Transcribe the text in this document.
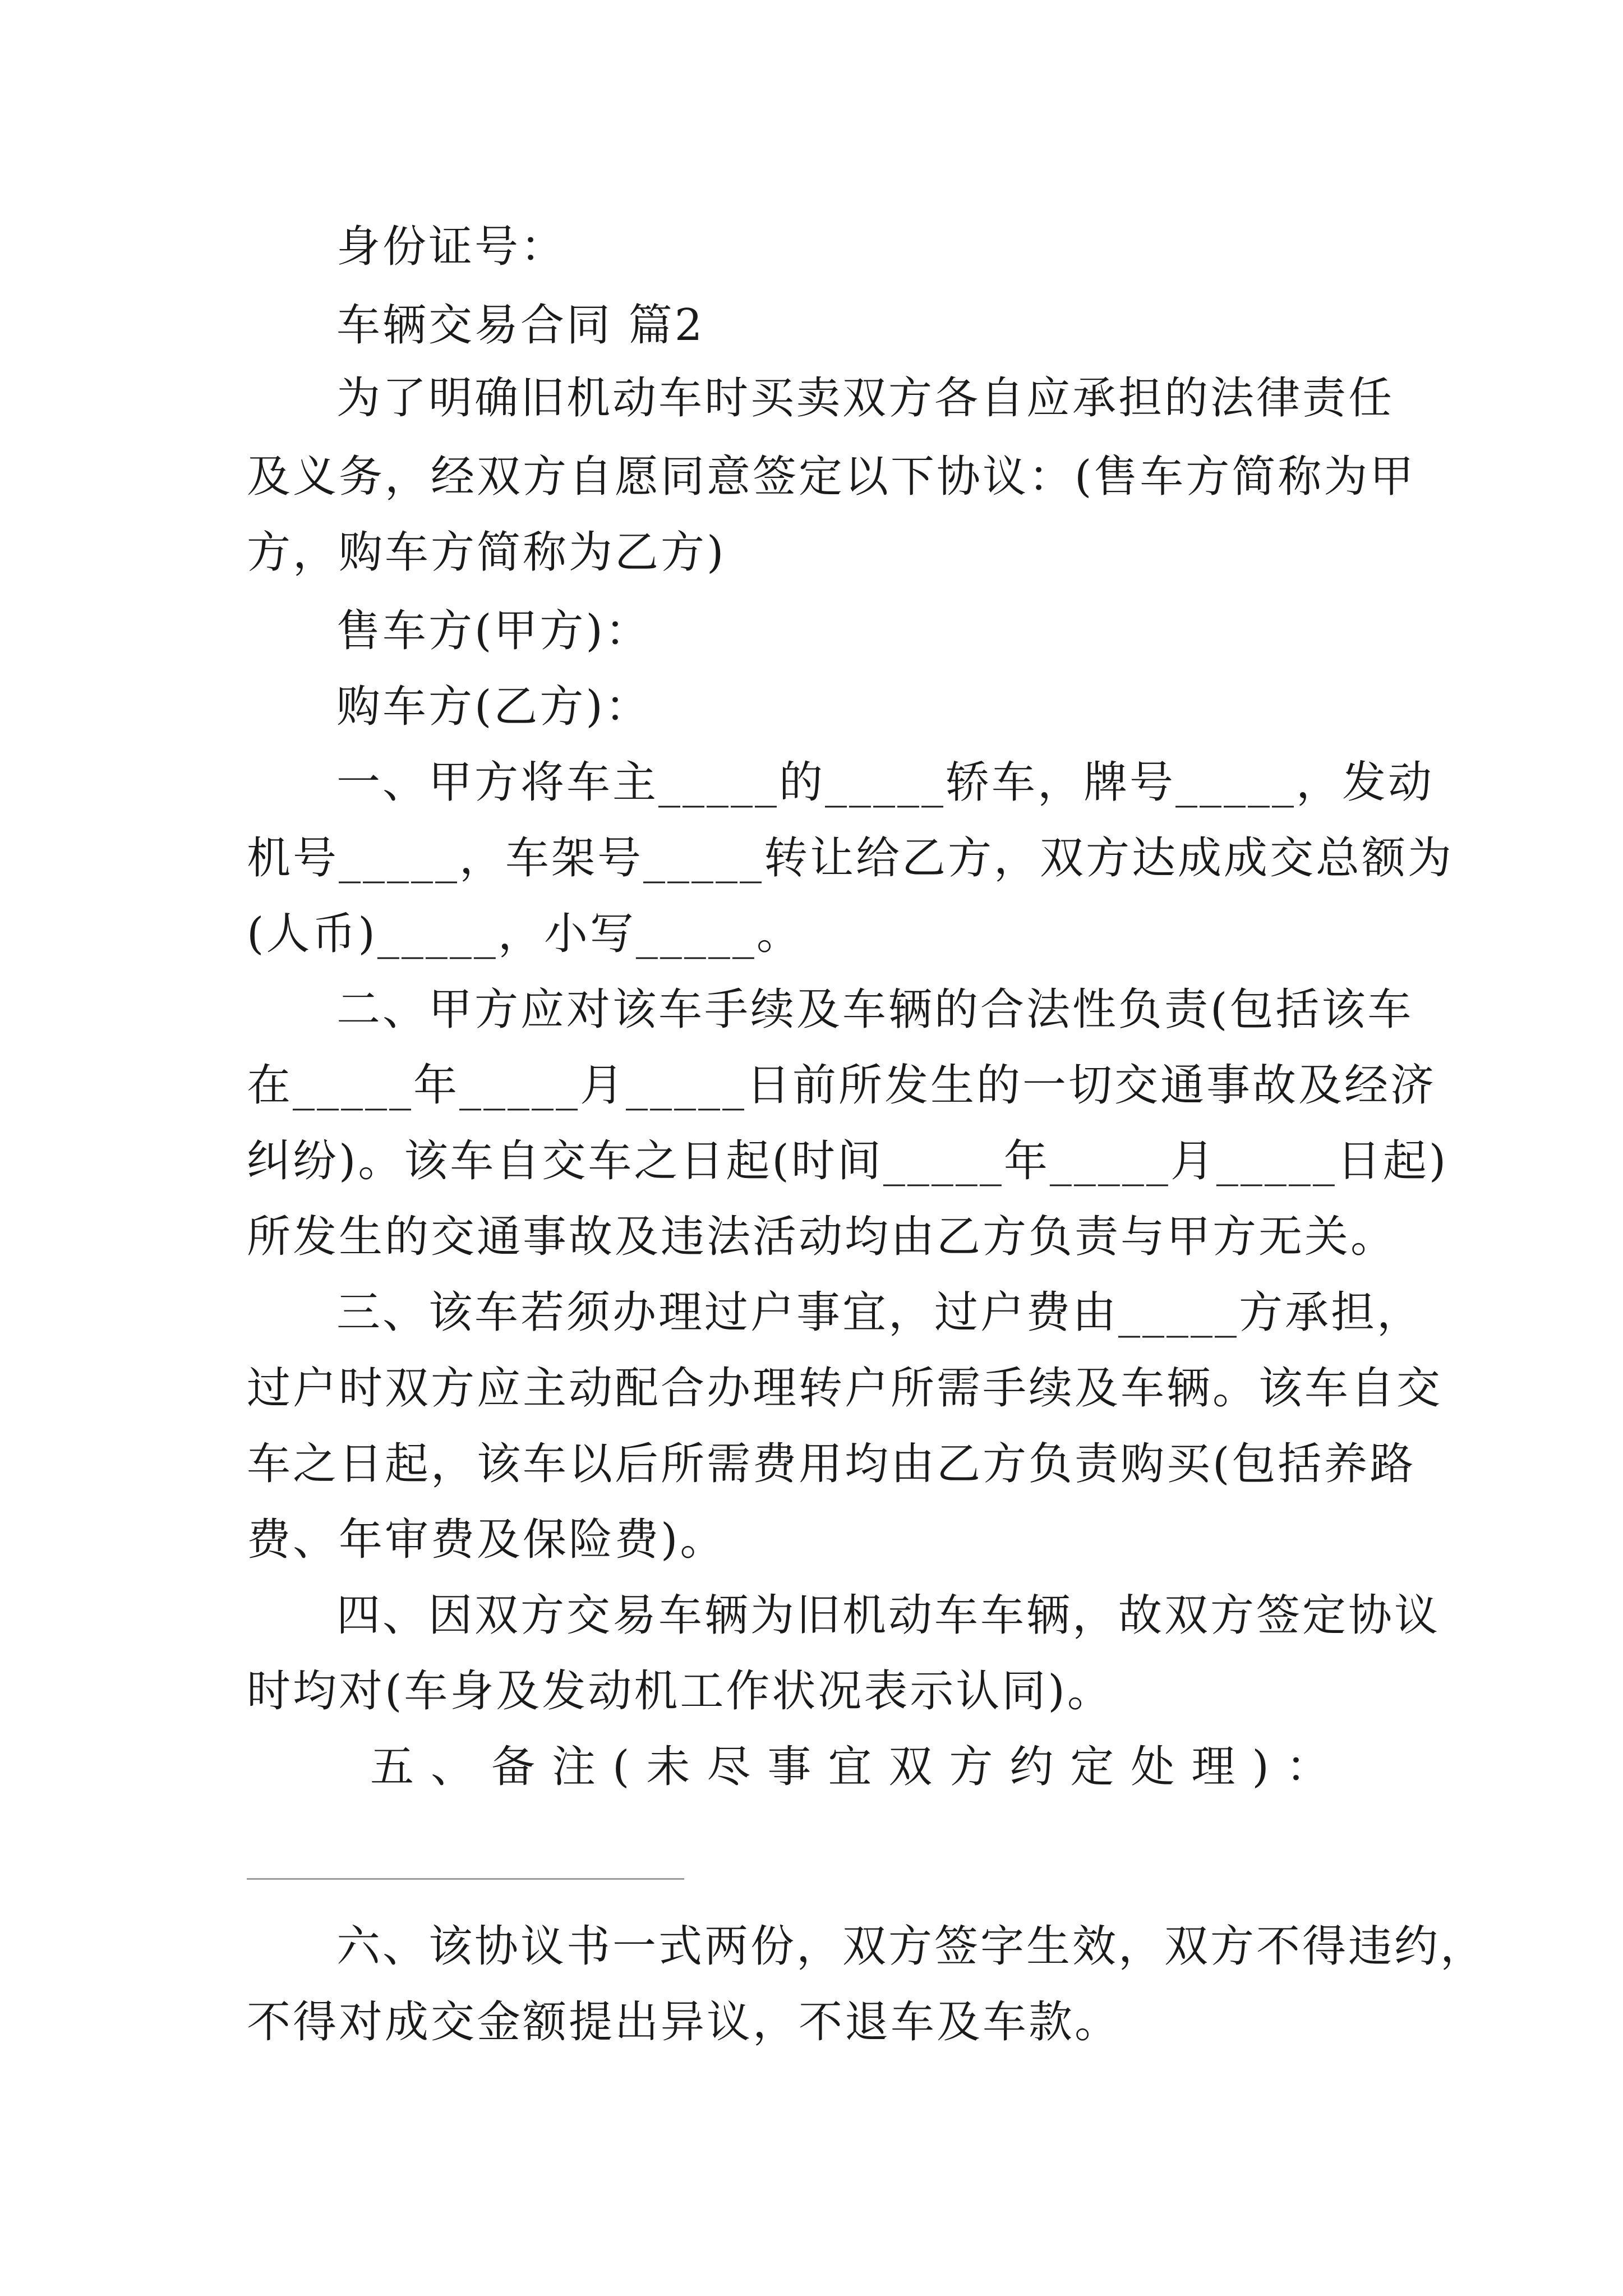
身份证号：
车辆交易合同 篇2
为了明确旧机动车时买卖双方各自应承担的法律责任
及义务，经双方自愿同意签定以下协议：(售车方简称为甲
方，购车方简称为乙方)
售车方(甲方)：
购车方(乙方)：
一、甲方将车主_____的_____轿车，牌号_____，发动
机号_____，车架号_____转让给乙方，双方达成成交总额为
(人币)_____，小写_____。
二、甲方应对该车手续及车辆的合法性负责(包括该车
在_____年_____月_____日前所发生的一切交通事故及经济
纠纷)。该车自交车之日起(时间_____年_____月_____日起)
所发生的交通事故及违法活动均由乙方负责与甲方无关。
三、该车若须办理过户事宜，过户费由_____方承担，
过户时双方应主动配合办理转户所需手续及车辆。该车自交
车之日起，该车以后所需费用均由乙方负责购买(包括养路
费、年审费及保险费)。
四、因双方交易车辆为旧机动车车辆，故双方签定协议
时均对(车身及发动机工作状况表示认同)。
五、备注(未尽事宜双方约定处理)：
六、该协议书一式两份，双方签字生效，双方不得违约，
不得对成交金额提出异议，不退车及车款。
